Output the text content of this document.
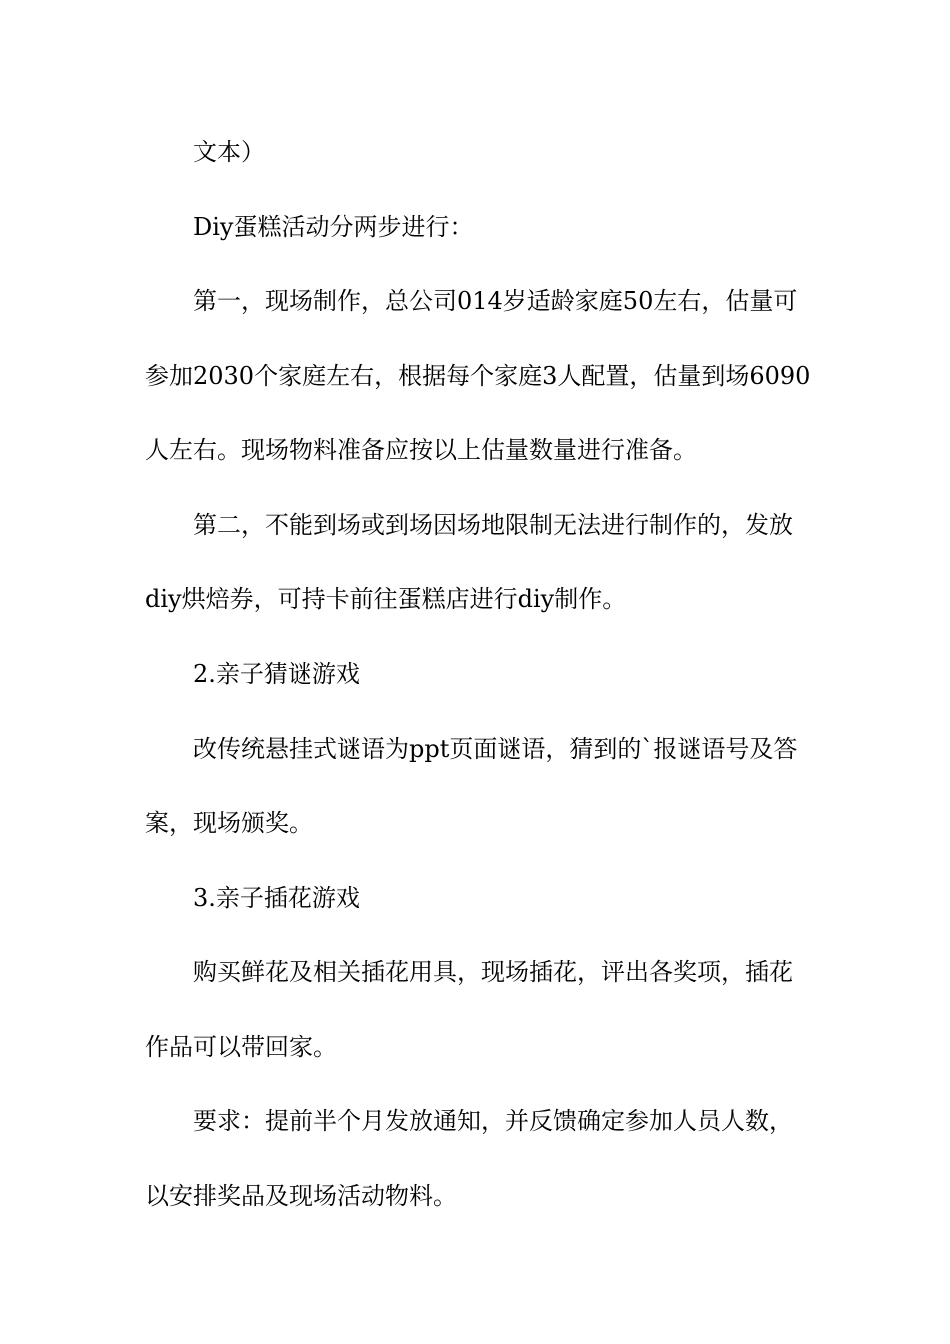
文本）
Diy蛋糕活动分两步进行：
第一，现场制作，总公司014岁适龄家庭50左右，估量可
参加2030个家庭左右，根据每个家庭3人配置，估量到场6090
人左右。现场物料准备应按以上估量数量进行准备。
第二，不能到场或到场因场地限制无法进行制作的，发放
diy烘焙券，可持卡前往蛋糕店进行diy制作。
2.亲子猜谜游戏
改传统悬挂式谜语为ppt页面谜语，猜到的`报谜语号及答
案，现场颁奖。
3.亲子插花游戏
购买鲜花及相关插花用具，现场插花，评出各奖项，插花
作品可以带回家。
要求：提前半个月发放通知，并反馈确定参加人员人数，
以安排奖品及现场活动物料。
